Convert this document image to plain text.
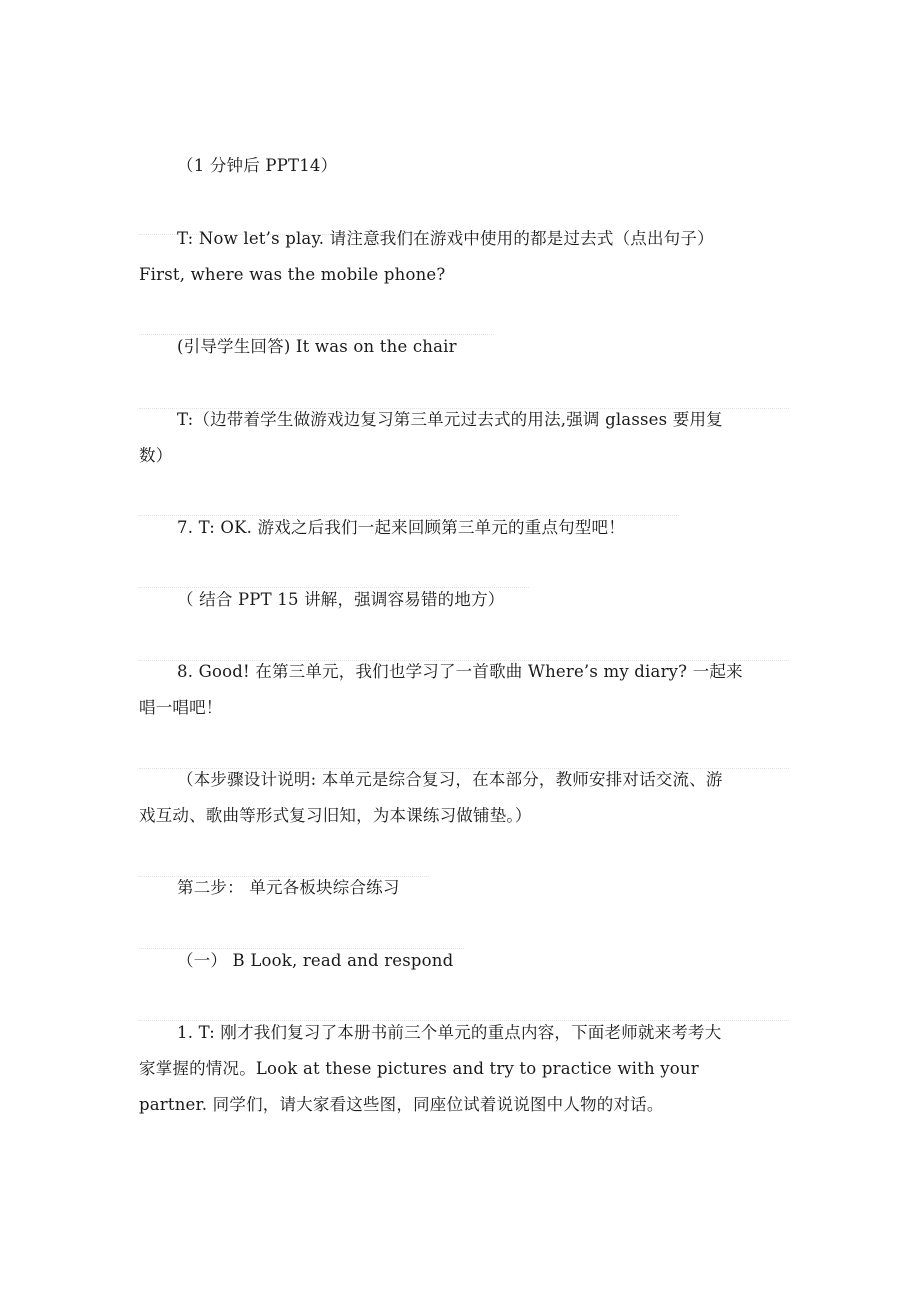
（1 分钟后 PPT14）
T: Now let’s play. 请注意我们在游戏中使用的都是过去式（点出句子）
First, where was the mobile phone?
(引导学生回答) It was on the chair
T:（边带着学生做游戏边复习第三单元过去式的用法,强调 glasses 要用复
数）
7. T: OK. 游戏之后我们一起来回顾第三单元的重点句型吧！
（ 结合 PPT 15 讲解，强调容易错的地方）
8. Good! 在第三单元，我们也学习了一首歌曲 Where’s my diary? 一起来
唱一唱吧！
（本步骤设计说明: 本单元是综合复习，在本部分，教师安排对话交流、游
戏互动、歌曲等形式复习旧知，为本课练习做铺垫。）
第二步： 单元各板块综合练习
（一） B Look, read and respond
1. T: 刚才我们复习了本册书前三个单元的重点内容，下面老师就来考考大
家掌握的情况。Look at these pictures and try to practice with your
partner. 同学们，请大家看这些图，同座位试着说说图中人物的对话。
